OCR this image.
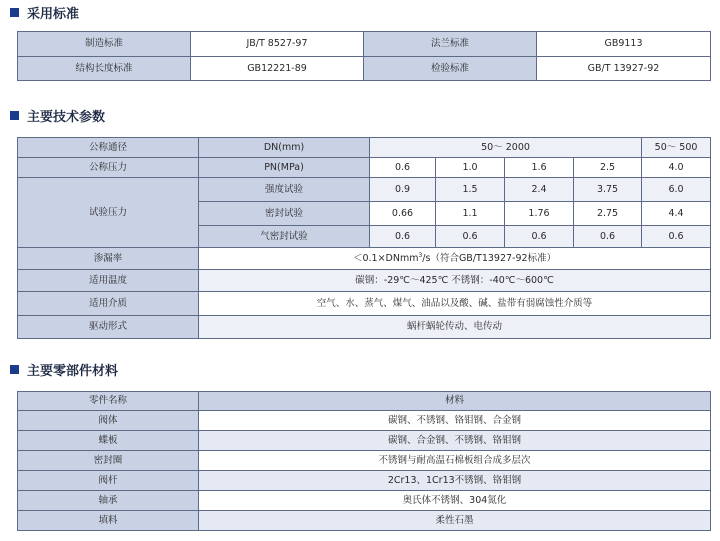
采用标准
制造标准	JB/T 8527-97	法兰标准	GB9113
结构长度标准	GB12221-89	检验标准	GB/T 13927-92
主要技术参数
公称通径	DN(mm)	50～ 2000				50～ 500
公称压力	PN(MPa)	0.6	1.0	1.6	2.5	4.0
试验压力	强度试验	0.9	1.5	2.4	3.75	6.0
	密封试验	0.66	1.1	1.76	2.75	4.4
	气密封试验	0.6	0.6	0.6	0.6	0.6
渗漏率	＜0.1×DNmm$^3$/s（符合GB/T13927-92标准）					
适用温度	碳钢：-29℃～425℃ 不锈钢：-40℃～600℃					
适用介质	空气、水、蒸气、煤气、油品以及酸、碱、盐带有弱腐蚀性介质等					
驱动形式	蜗杆蜗轮传动、电传动					
主要零部件材料
零件名称	材料
阀体	碳钢、不锈钢、铬钼钢、合金钢
蝶板	碳钢、合金钢、不锈钢、铬钼钢
密封圈	不锈钢与耐高温石棉板组合成多层次
阀杆	2Cr13、1Cr13不锈钢、铬钼钢
轴承	奥氏体不锈钢、304氮化
填料	柔性石墨
